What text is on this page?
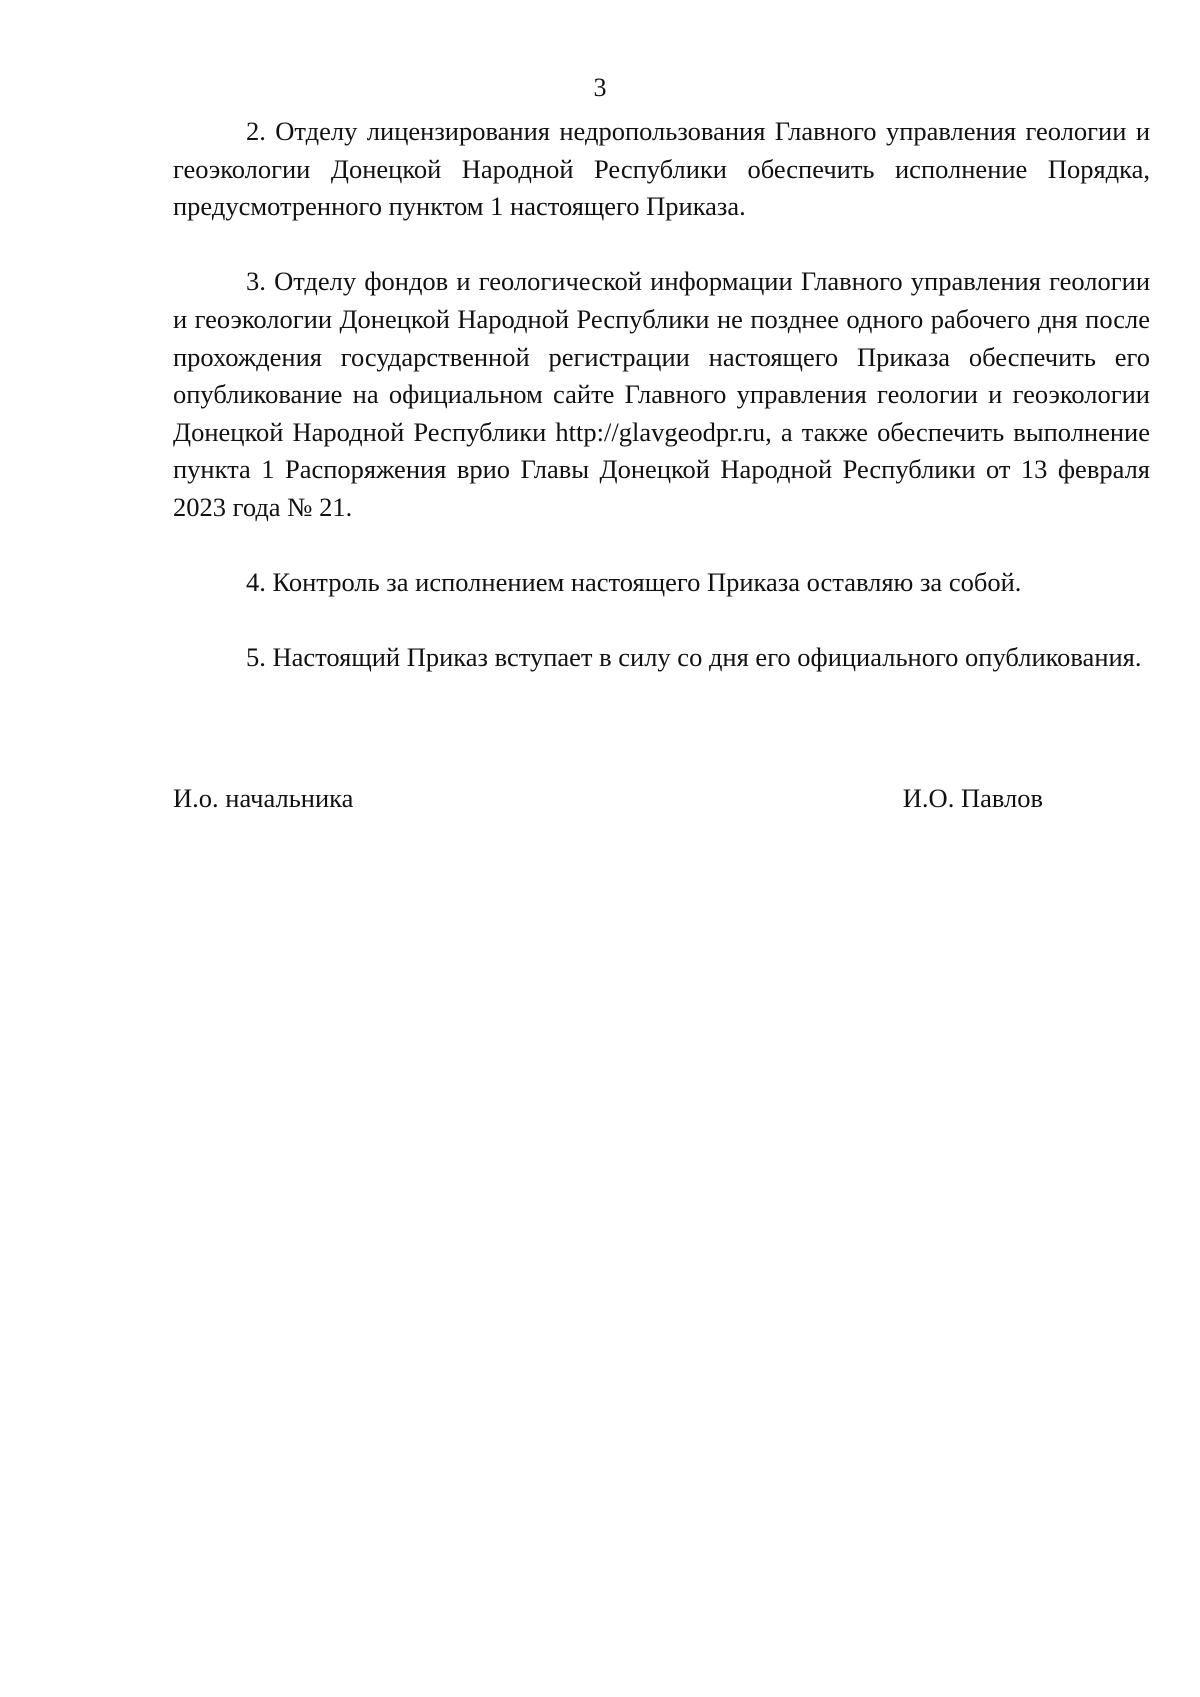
3

2. Отделу лицензирования недропользования Главного управления геологии и геоэкологии Донецкой Народной Республики обеспечить исполнение Порядка, предусмотренного пунктом 1 настоящего Приказа.

3. Отделу фондов и геологической информации Главного управления геологии и геоэкологии Донецкой Народной Республики не позднее одного рабочего дня после прохождения государственной регистрации настоящего Приказа обеспечить его опубликование на официальном сайте Главного управления геологии и геоэкологии Донецкой Народной Республики http://glavgeodpr.ru, а также обеспечить выполнение пункта 1 Распоряжения врио Главы Донецкой Народной Республики от 13 февраля 2023 года № 21.

4. Контроль за исполнением настоящего Приказа оставляю за собой.

5. Настоящий Приказ вступает в силу со дня его официального опубликования.

И.о. начальника	И.О. Павлов
